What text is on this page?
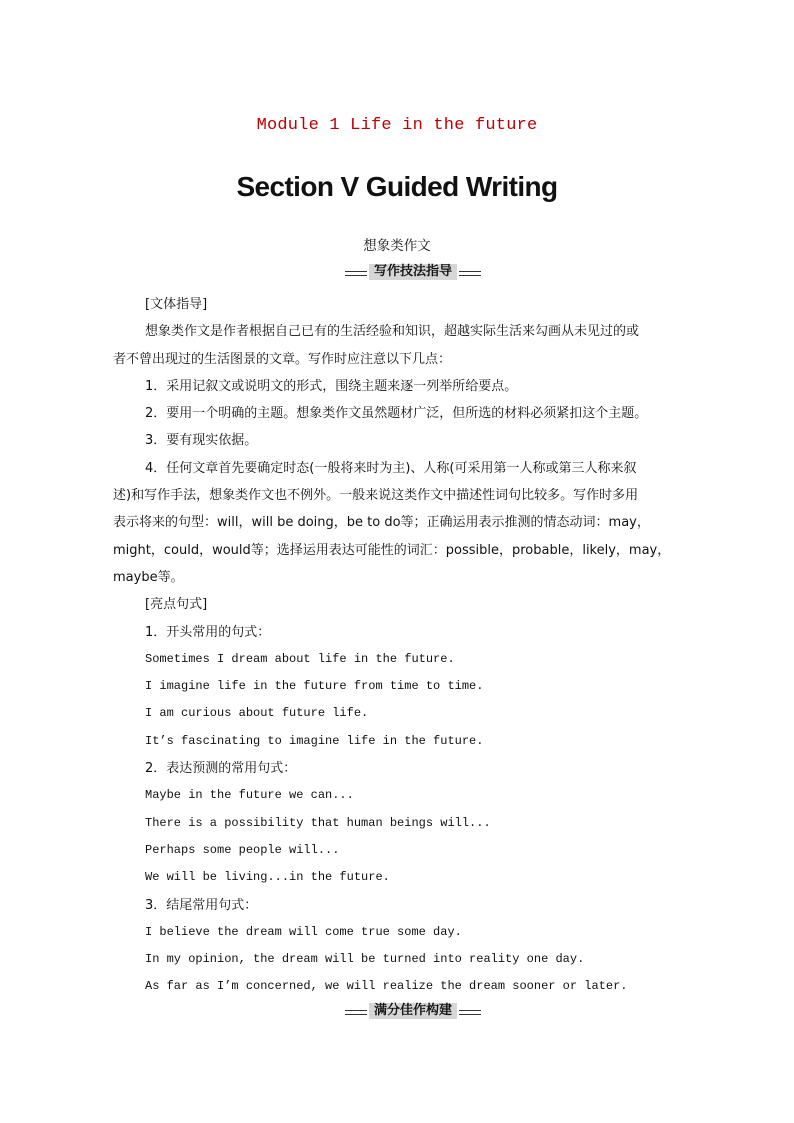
Module 1 Life in the future
Section V Guided Writing
想象类作文
写作技法指导

[文体指导]

想象类作文是作者根据自己已有的生活经验和知识，超越实际生活来勾画从未见过的或

者不曾出现过的生活图景的文章。写作时应注意以下几点：

1．采用记叙文或说明文的形式，围绕主题来逐一列举所给要点。

2．要用一个明确的主题。想象类作文虽然题材广泛，但所选的材料必须紧扣这个主题。

3．要有现实依据。

4．任何文章首先要确定时态(一般将来时为主)、人称(可采用第一人称或第三人称来叙

述)和写作手法，想象类作文也不例外。一般来说这类作文中描述性词句比较多。写作时多用

表示将来的句型：will，will be doing，be to do等；正确运用表示推测的情态动词：may，

might，could，would等；选择运用表达可能性的词汇：possible，probable，likely，may，

maybe等。

[亮点句式]

1．开头常用的句式：

Sometimes I dream about life in the future.

I imagine life in the future from time to time.

I am curious about future life.

It’s fascinating to imagine life in the future.

2．表达预测的常用句式：

Maybe in the future we can...

There is a possibility that human beings will...

Perhaps some people will...

We will be living...in the future.

3．结尾常用句式：

I believe the dream will come true some day.

In my opinion, the dream will be turned into reality one day.

As far as I’m concerned, we will realize the dream sooner or later.

满分佳作构建
